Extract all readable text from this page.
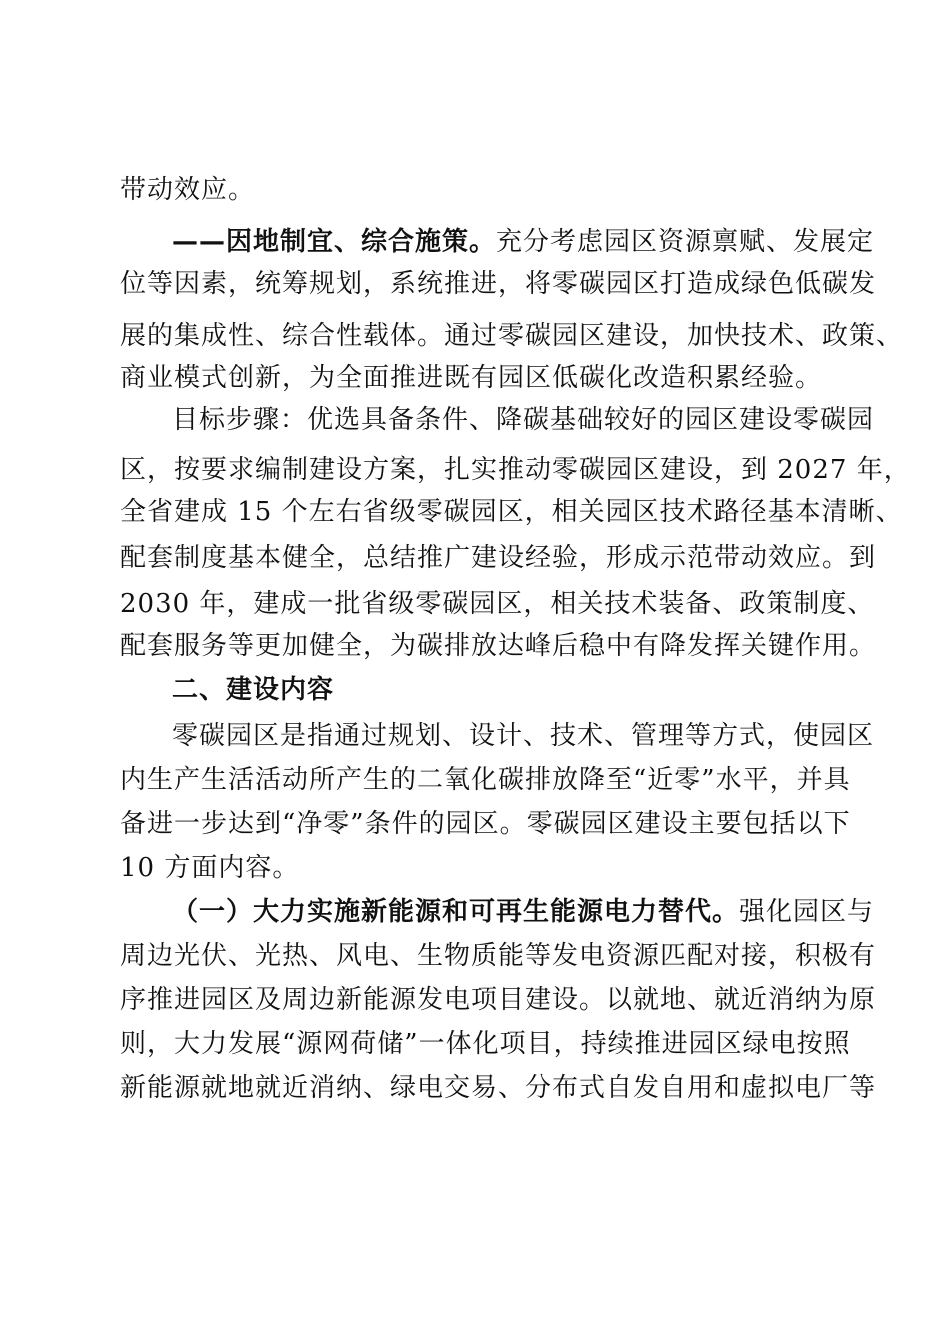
带动效应。
——因地制宜、综合施策。充分考虑园区资源禀赋、发展定
位等因素，统筹规划，系统推进，将零碳园区打造成绿色低碳发
展的集成性、综合性载体。通过零碳园区建设，加快技术、政策、
商业模式创新，为全面推进既有园区低碳化改造积累经验。
目标步骤：优选具备条件、降碳基础较好的园区建设零碳园
区，按要求编制建设方案，扎实推动零碳园区建设，到 2027 年，
全省建成 15 个左右省级零碳园区，相关园区技术路径基本清晰、
配套制度基本健全，总结推广建设经验，形成示范带动效应。到
2030 年，建成一批省级零碳园区，相关技术装备、政策制度、
配套服务等更加健全，为碳排放达峰后稳中有降发挥关键作用。
二、建设内容
零碳园区是指通过规划、设计、技术、管理等方式，使园区
内生产生活活动所产生的二氧化碳排放降至“近零”水平，并具
备进一步达到“净零”条件的园区。零碳园区建设主要包括以下
10 方面内容。
（一）大力实施新能源和可再生能源电力替代。强化园区与
周边光伏、光热、风电、生物质能等发电资源匹配对接，积极有
序推进园区及周边新能源发电项目建设。以就地、就近消纳为原
则，大力发展“源网荷储”一体化项目，持续推进园区绿电按照
新能源就地就近消纳、绿电交易、分布式自发自用和虚拟电厂等
